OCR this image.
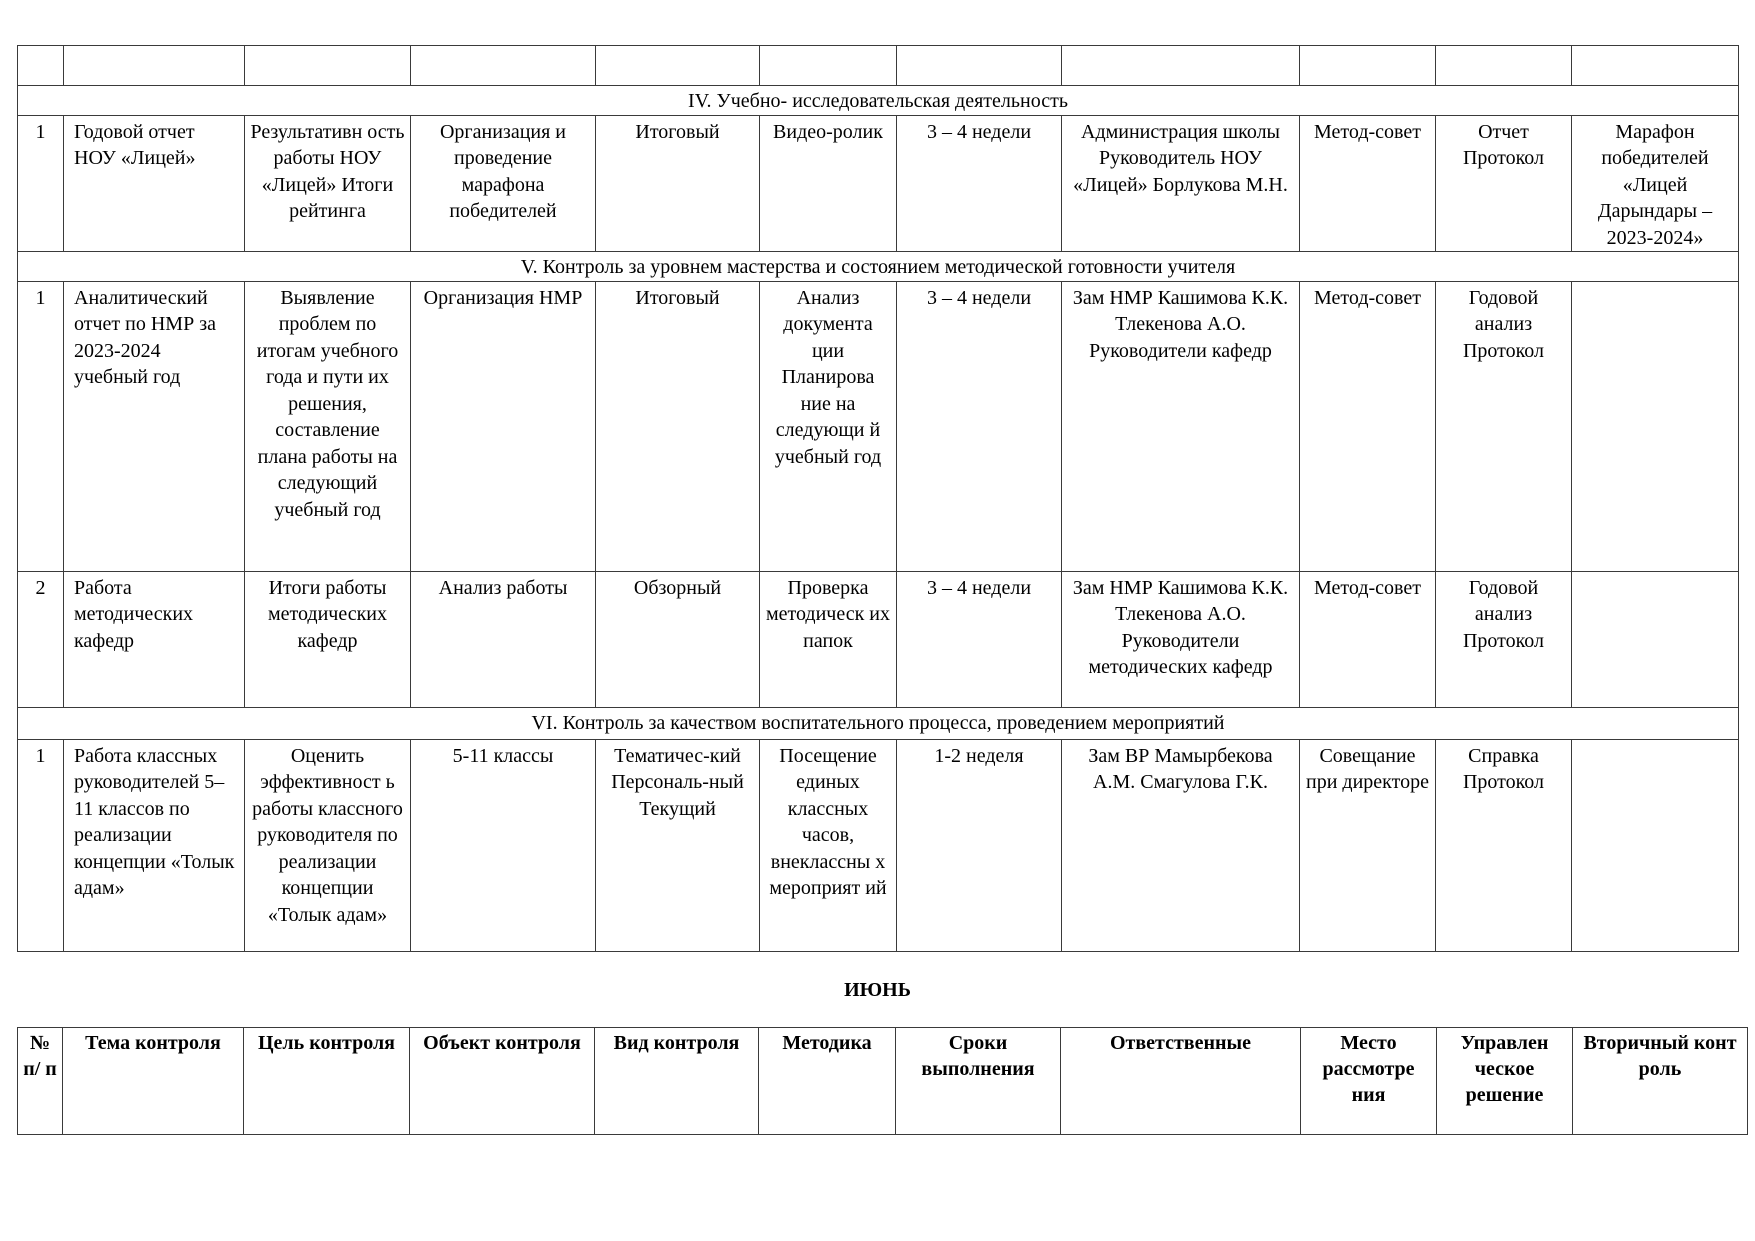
IV. Учебно- исследовательская деятельность										
1	Годовой отчет НОУ «Лицей»	Результативн ость работы НОУ «Лицей» Итоги рейтинга	Организация и проведение марафона победителей	Итоговый	Видео-ролик	3 – 4 недели	Администрация школы Руководитель НОУ «Лицей» Борлукова М.Н.	Метод-совет	Отчет Протокол	Марафон победителей «Лицей Дарындары – 2023-2024»
V. Контроль за уровнем мастерства и состоянием методической готовности учителя										
1	Аналитический отчет по НМР за 2023-2024 учебный год	Выявление проблем по итогам учебного года и пути их решения, составление плана работы на следующий учебный год	Организация НМР	Итоговый	Анализ документа ции Планирова ние на следующи й учебный год	3 – 4 недели	Зам НМР Кашимова К.К. Тлекенова А.О. Руководители кафедр	Метод-совет	Годовой анализ Протокол	
2	Работа методических кафедр	Итоги работы методических кафедр	Анализ работы	Обзорный	Проверка методическ их папок	3 – 4 недели	Зам НМР Кашимова К.К. Тлекенова А.О. Руководители методических кафедр	Метод-совет	Годовой анализ Протокол	
VI. Контроль за качеством воспитательного процесса, проведением мероприятий										
1	Работа классных руководителей 5–11 классов по реализации концепции «Толык адам»	Оценить эффективност ь работы классного руководителя по реализации концепции «Толык адам»	5-11 классы	Тематичес-кий Персональ-ный Текущий	Посещение единых классных часов, внеклассны х мероприят ий	1-2 неделя	Зам ВР Мамырбекова А.М. Смагулова Г.К.	Совещание при директоре	Справка Протокол	
ИЮНЬ
№ п/ п	Тема контроля	Цель контроля	Объект контроля	Вид контроля	Методика	Сроки выполнения	Ответственные	Место рассмотре ния	Управлен ческое решение	Вторичный конт роль
